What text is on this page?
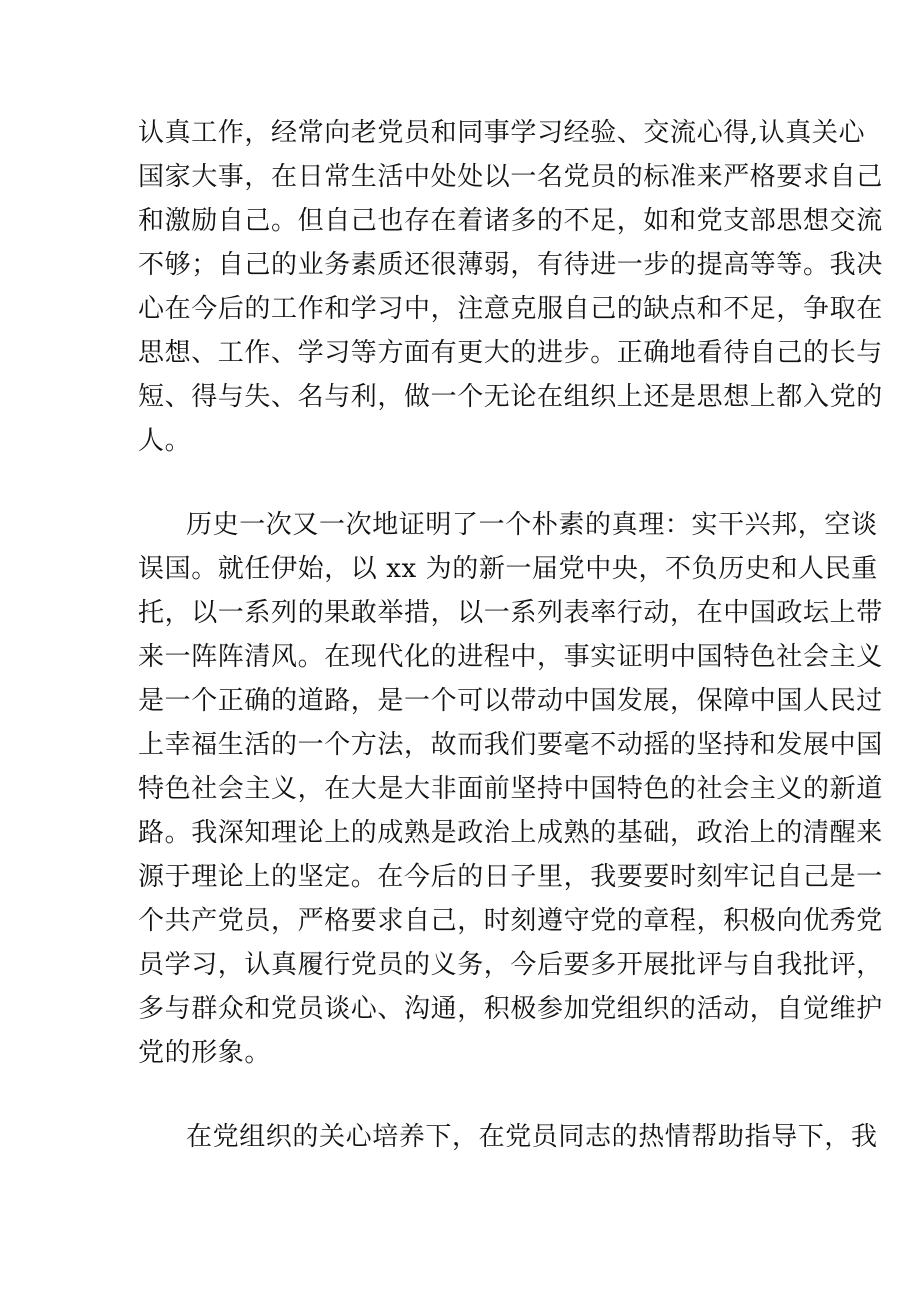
认真工作，经常向老党员和同事学习经验、交流心得,认真关心
国家大事，在日常生活中处处以一名党员的标准来严格要求自己
和激励自己。但自己也存在着诸多的不足，如和党支部思想交流
不够；自己的业务素质还很薄弱，有待进一步的提高等等。我决
心在今后的工作和学习中，注意克服自己的缺点和不足，争取在
思想、工作、学习等方面有更大的进步。正确地看待自己的长与
短、得与失、名与利，做一个无论在组织上还是思想上都入党的
人。
历史一次又一次地证明了一个朴素的真理：实干兴邦，空谈
误国。就任伊始，以 xx 为的新一届党中央，不负历史和人民重
托，以一系列的果敢举措，以一系列表率行动，在中国政坛上带
来一阵阵清风。在现代化的进程中，事实证明中国特色社会主义
是一个正确的道路，是一个可以带动中国发展，保障中国人民过
上幸福生活的一个方法，故而我们要毫不动摇的坚持和发展中国
特色社会主义，在大是大非面前坚持中国特色的社会主义的新道
路。我深知理论上的成熟是政治上成熟的基础，政治上的清醒来
源于理论上的坚定。在今后的日子里，我要要时刻牢记自己是一
个共产党员，严格要求自己，时刻遵守党的章程，积极向优秀党
员学习，认真履行党员的义务，今后要多开展批评与自我批评，
多与群众和党员谈心、沟通，积极参加党组织的活动，自觉维护
党的形象。
在党组织的关心培养下，在党员同志的热情帮助指导下，我
